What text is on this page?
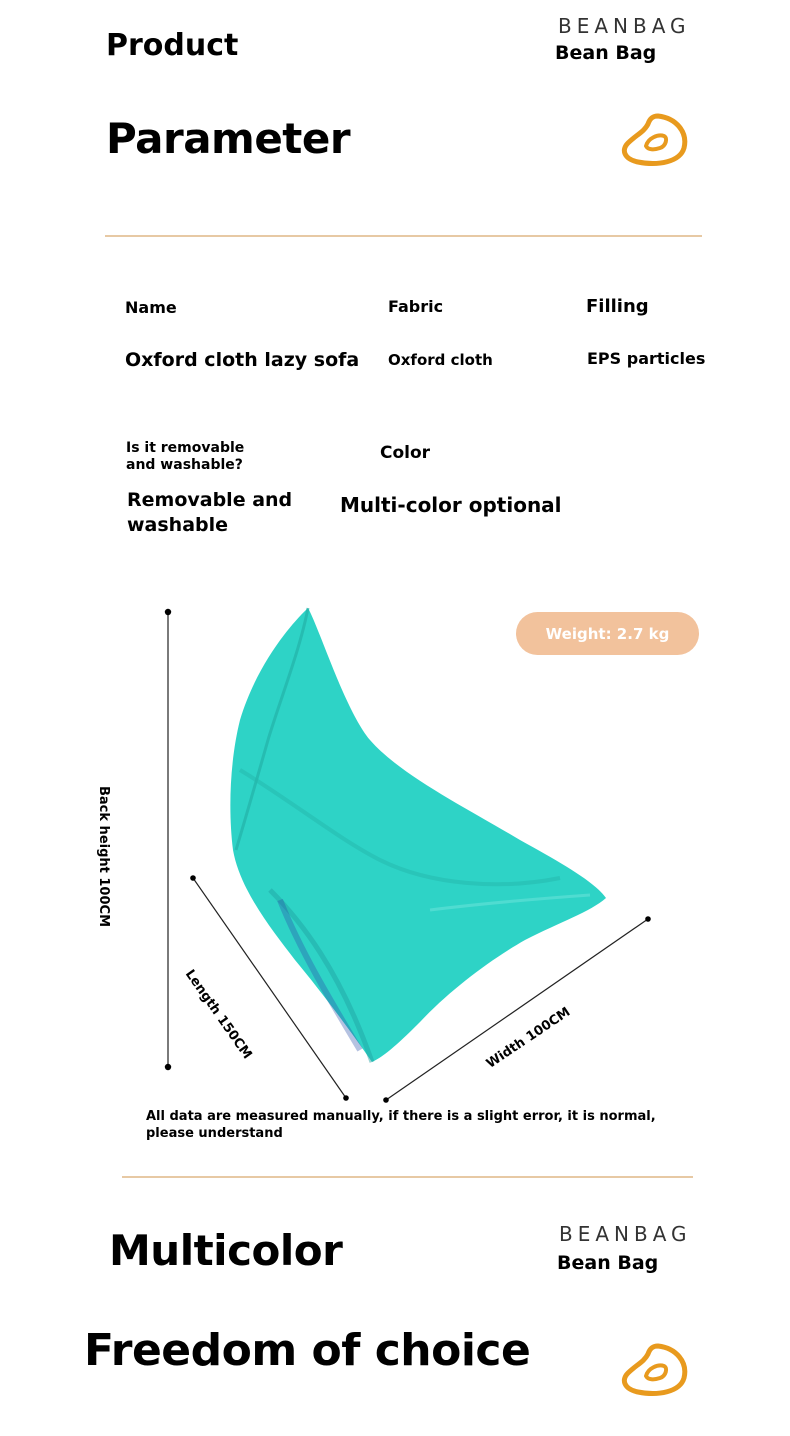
Product
Parameter
BEANBAG
Bean Bag
Name
Oxford cloth lazy sofa
Fabric
Oxford cloth
Filling
EPS particles
Is it removable and washable?
Removable and washable
Color
Multi-color optional
Weight: 2.7 kg
Back height 100CM
Length 150CM	Width 100CM
All data are measured manually, if there is a slight error, it is normal, please understand
Multicolor
Freedom of choice
BEANBAG
Bean Bag
